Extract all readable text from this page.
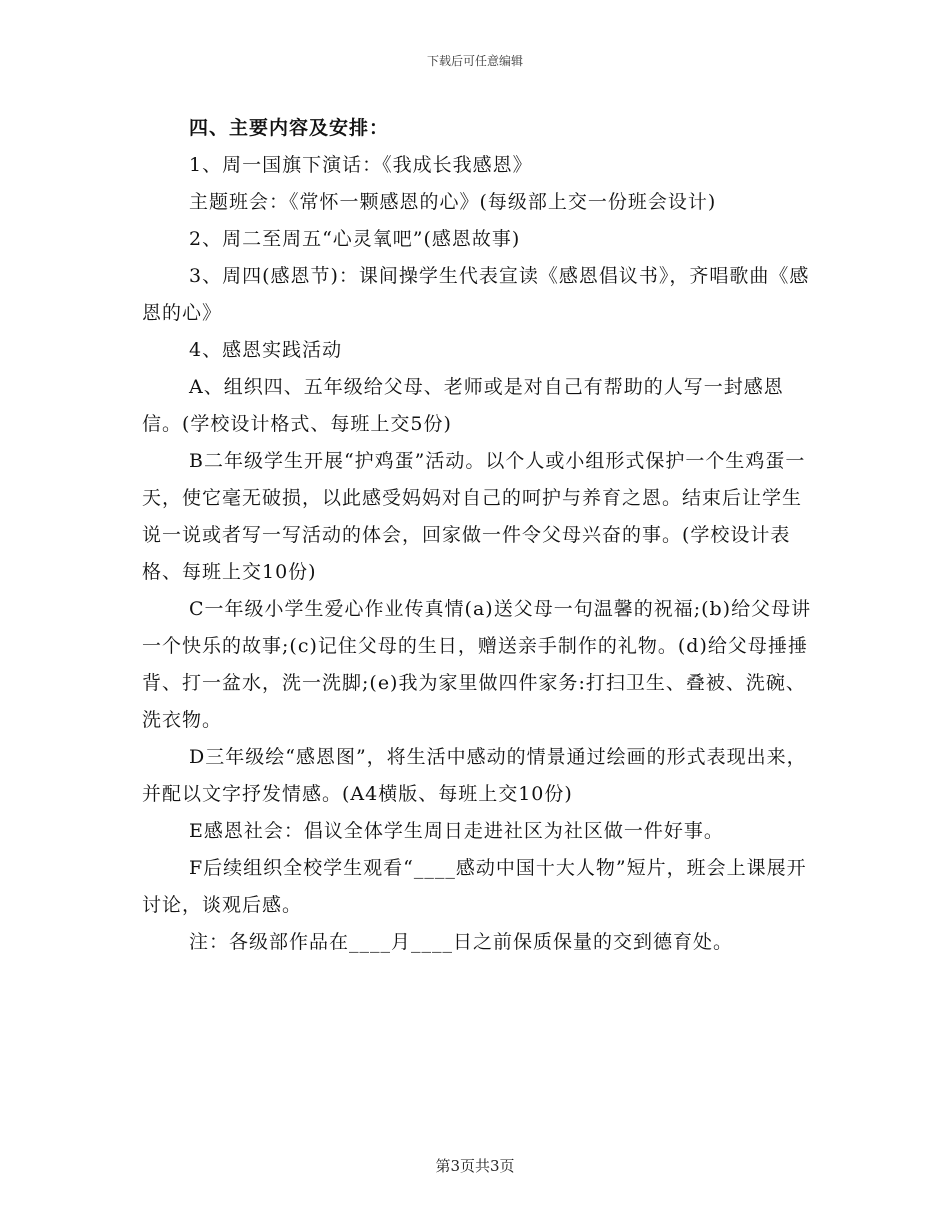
下载后可任意编辑

四、主要内容及安排：

1、周一国旗下演话：《我成长我感恩》

主题班会：《常怀一颗感恩的心》(每级部上交一份班会设计)

2、周二至周五“心灵氧吧”(感恩故事)

3、周四(感恩节)：课间操学生代表宣读《感恩倡议书》，齐唱歌曲《感恩的心》

4、感恩实践活动

A、组织四、五年级给父母、老师或是对自己有帮助的人写一封感恩信。(学校设计格式、每班上交5份)

B二年级学生开展“护鸡蛋”活动。以个人或小组形式保护一个生鸡蛋一天，使它毫无破损，以此感受妈妈对自己的呵护与养育之恩。结束后让学生说一说或者写一写活动的体会，回家做一件令父母兴奋的事。(学校设计表格、每班上交10份)

C一年级小学生爱心作业传真情(a)送父母一句温馨的祝福;(b)给父母讲一个快乐的故事;(c)记住父母的生日，赠送亲手制作的礼物。(d)给父母捶捶背、打一盆水，洗一洗脚;(e)我为家里做四件家务:打扫卫生、叠被、洗碗、洗衣物。

D三年级绘“感恩图”，将生活中感动的情景通过绘画的形式表现出来，并配以文字抒发情感。(A4横版、每班上交10份)

E感恩社会：倡议全体学生周日走进社区为社区做一件好事。

F后续组织全校学生观看“____感动中国十大人物”短片，班会上课展开讨论，谈观后感。

注：各级部作品在____月____日之前保质保量的交到德育处。

第3页共3页
